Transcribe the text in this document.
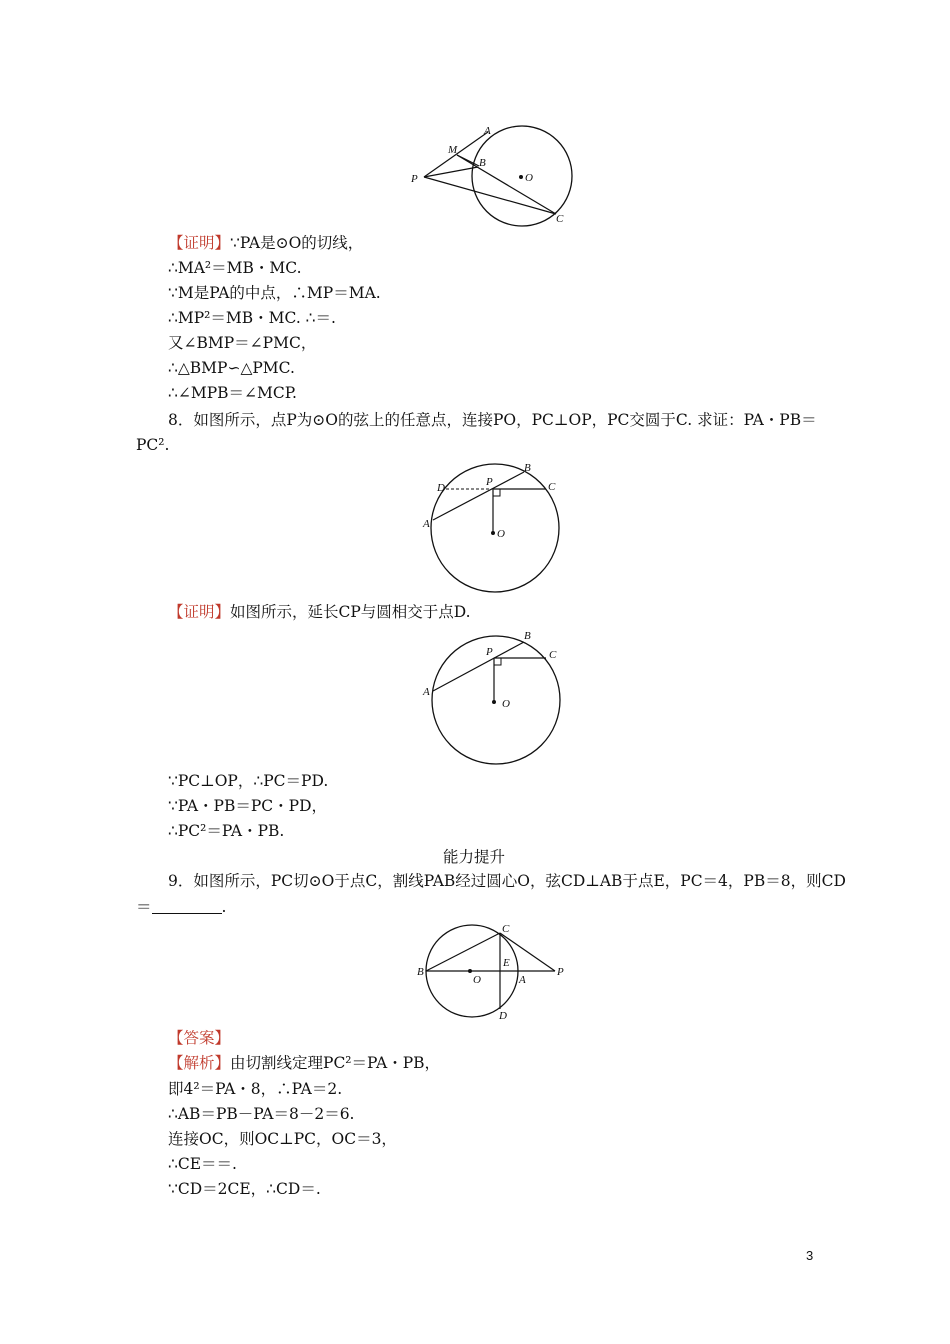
A
M
B
P	O
C
【证明】∵PA是⊙O的切线，
∴MA²＝MB・MC.
∵M是PA的中点，∴MP＝MA.
∴MP²＝MB・MC. ∴＝.
又∠BMP＝∠PMC，
∴△BMP∽△PMC.
∴∠MPB＝∠MCP.
8．如图所示，点P为⊙O的弦上的任意点，连接PO，PC⊥OP，PC交圆于C. 求证：PA・PB＝
PC².
D	P
B
C
A
O
【证明】如图所示，延长CP与圆相交于点D.
P
B
C
A
O
∵PC⊥OP，∴PC＝PD.
∵PA・PB＝PC・PD，
∴PC²＝PA・PB.
能力提升
9．如图所示，PC切⊙O于点C，割线PAB经过圆心O，弦CD⊥AB于点E，PC＝4，PB＝8，则CD
＝	.
C
B
O
E
A
P
D
【答案】
【解析】由切割线定理PC²＝PA・PB，
即4²＝PA・8，∴PA＝2.
∴AB＝PB－PA＝8－2＝6.
连接OC，则OC⊥PC，OC＝3，
∴CE＝＝.
∵CD＝2CE，∴CD＝.
3
